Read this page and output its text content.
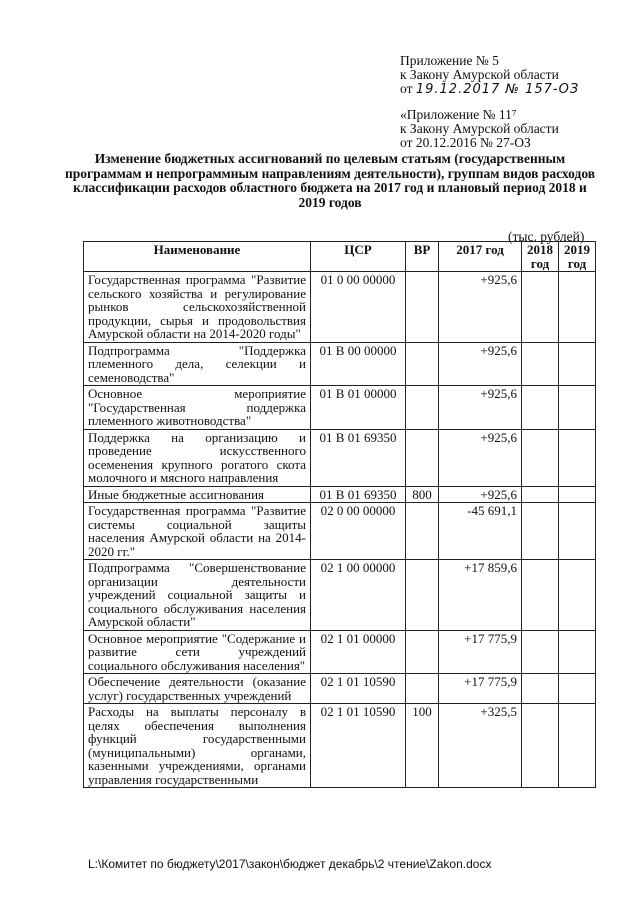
Приложение № 5
к Закону Амурской области
от 19.12.2017 № 157-ОЗ
«Приложение № 11⁷
к Закону Амурской области
от 20.12.2016 № 27-ОЗ
Изменение бюджетных ассигнований по целевым статьям (государственным программам и непрограммным направлениям деятельности), группам видов расходов классификации расходов областного бюджета на 2017 год и плановый период 2018 и 2019 годов
(тыс. рублей)
Наименование	ЦСР	ВР	2017 год	2018 год	2019 год
Государственная программа "Развитие сельского хозяйства и регулирование рынков сельскохозяйственной продукции, сырья и продовольствия Амурской области на 2014-2020 годы"	01 0 00 00000		+925,6		
Подпрограмма "Поддержка племенного дела, селекции и семеноводства"	01 В 00 00000		+925,6		
Основное мероприятие "Государственная поддержка племенного животноводства"	01 В 01 00000		+925,6		
Поддержка на организацию и проведение искусственного осеменения крупного рогатого скота молочного и мясного направления	01 В 01 69350		+925,6		
Иные бюджетные ассигнования	01 В 01 69350	800	+925,6		
Государственная программа "Развитие системы социальной защиты населения Амурской области на 2014-2020 гг."	02 0 00 00000		-45 691,1		
Подпрограмма "Совершенствование организации деятельности учреждений социальной защиты и социального обслуживания населения Амурской области"	02 1 00 00000		+17 859,6		
Основное мероприятие "Содержание и развитие сети учреждений социального обслуживания населения"	02 1 01 00000		+17 775,9		
Обеспечение деятельности (оказание услуг) государственных учреждений	02 1 01 10590		+17 775,9		
Расходы на выплаты персоналу в целях обеспечения выполнения функций государственными (муниципальными) органами, казенными учреждениями, органами управления государственными	02 1 01 10590	100	+325,5		
L:\Комитет по бюджету\2017\закон\бюджет декабрь\2 чтение\Zakon.docx
